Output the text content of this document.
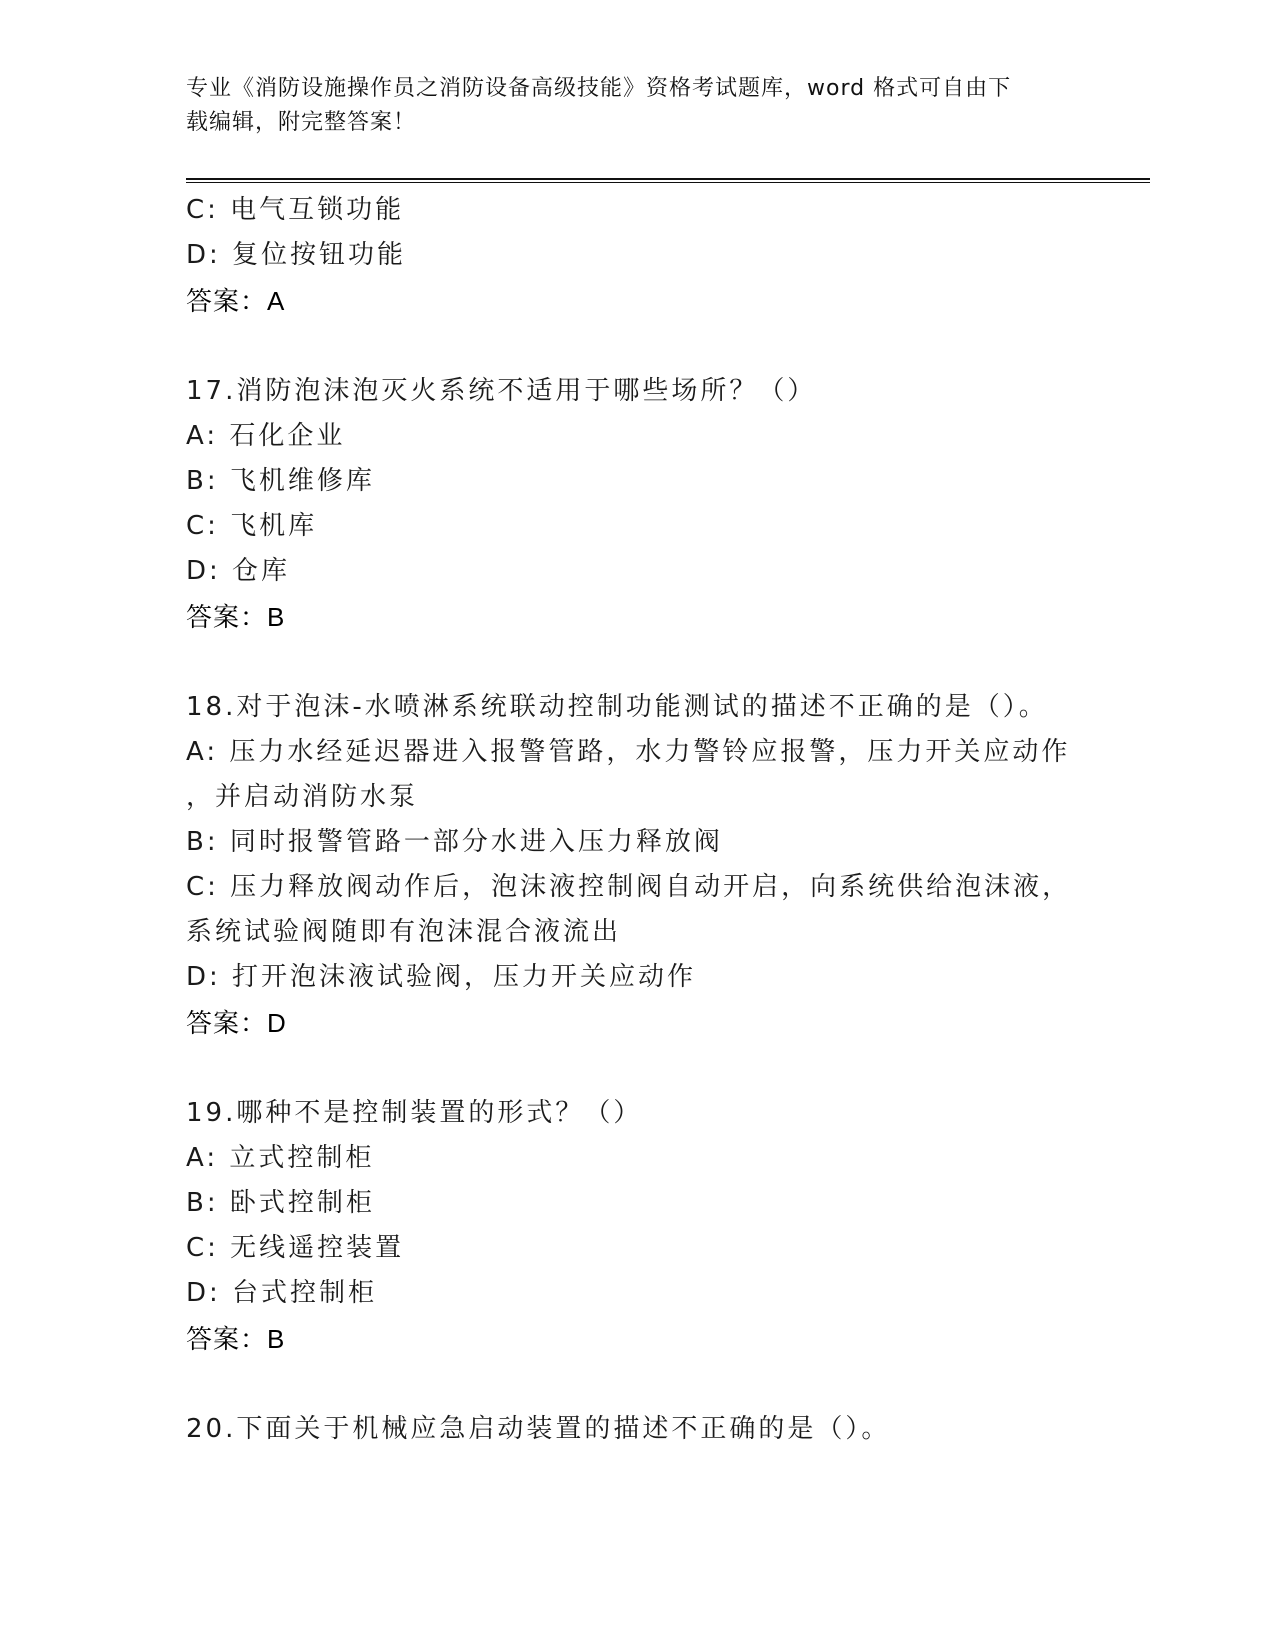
专业《消防设施操作员之消防设备高级技能》资格考试题库，word 格式可自由下
载编辑，附完整答案！
C: 电气互锁功能
D: 复位按钮功能
答案：A
17.消防泡沫泡灭火系统不适用于哪些场所？（）
A: 石化企业
B: 飞机维修库
C: 飞机库
D: 仓库
答案：B
18.对于泡沫-水喷淋系统联动控制功能测试的描述不正确的是（）。
A: 压力水经延迟器进入报警管路，水力警铃应报警，压力开关应动作
，并启动消防水泵
B: 同时报警管路一部分水进入压力释放阀
C: 压力释放阀动作后，泡沫液控制阀自动开启，向系统供给泡沫液，
系统试验阀随即有泡沫混合液流出
D: 打开泡沫液试验阀，压力开关应动作
答案：D
19.哪种不是控制装置的形式？（）
A: 立式控制柜
B: 卧式控制柜
C: 无线遥控装置
D: 台式控制柜
答案：B
20.下面关于机械应急启动装置的描述不正确的是（）。
